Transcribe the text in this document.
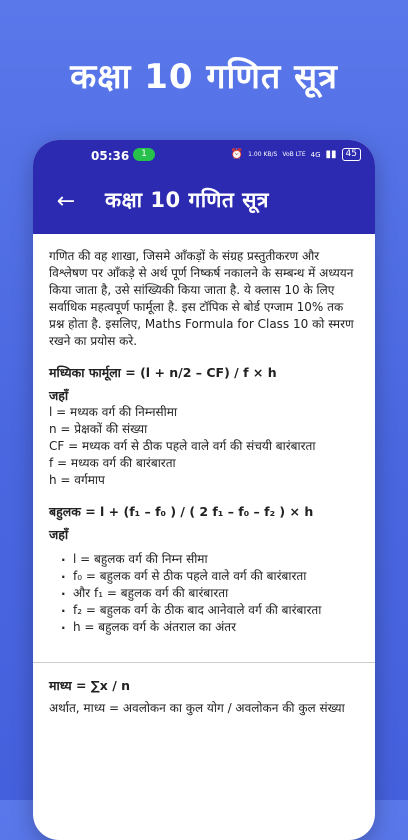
कक्षा 10 गणित सूत्र
05:36	1	⏰ 1.00 KB/S VoB LTE 4G ▮▮	45
← कक्षा 10 गणित सूत्र

गणित की वह शाखा, जिसमे आँकड़ों के संग्रह प्रस्तुतीकरण और विश्लेषण पर आँकड़े से अर्थ पूर्ण निष्कर्ष नकालने के सम्बन्ध में अध्ययन किया जाता है, उसे सांख्यिकी किया जाता है. ये क्लास 10 के लिए सर्वाधिक महत्वपूर्ण फार्मूला है. इस टॉपिक से बोर्ड एग्जाम 10% तक प्रश्न होता है. इसलिए, Maths Formula for Class 10 को स्मरण रखने का प्रयोस करे.

मध्यिका फार्मूला = (l + n/2 – CF) / f × h
जहाँ

l = मध्यक वर्ग की निम्नसीमा

n = प्रेक्षकों की संख्या

CF = मध्यक वर्ग से ठीक पहले वाले वर्ग की संचयी बारंबारता

f = मध्यक वर्ग की बारंबारता

h = वर्गमाप

बहुलक = l + (f₁ – f₀ ) / ( 2 f₁ – f₀ – f₂ ) × h
जहाँ
. l = बहुलक वर्ग की निम्न सीमा
. f₀ = बहुलक वर्ग से ठीक पहले वाले वर्ग की बारंबारता
. और f₁ = बहुलक वर्ग की बारंबारता
. f₂ = बहुलक वर्ग के ठीक बाद आनेवाले वर्ग की बारंबारता
. h = बहुलक वर्ग के अंतराल का अंतर
माध्य = ∑x / n

अर्थात, माध्य = अवलोकन का कुल योग / अवलोकन की कुल संख्या
